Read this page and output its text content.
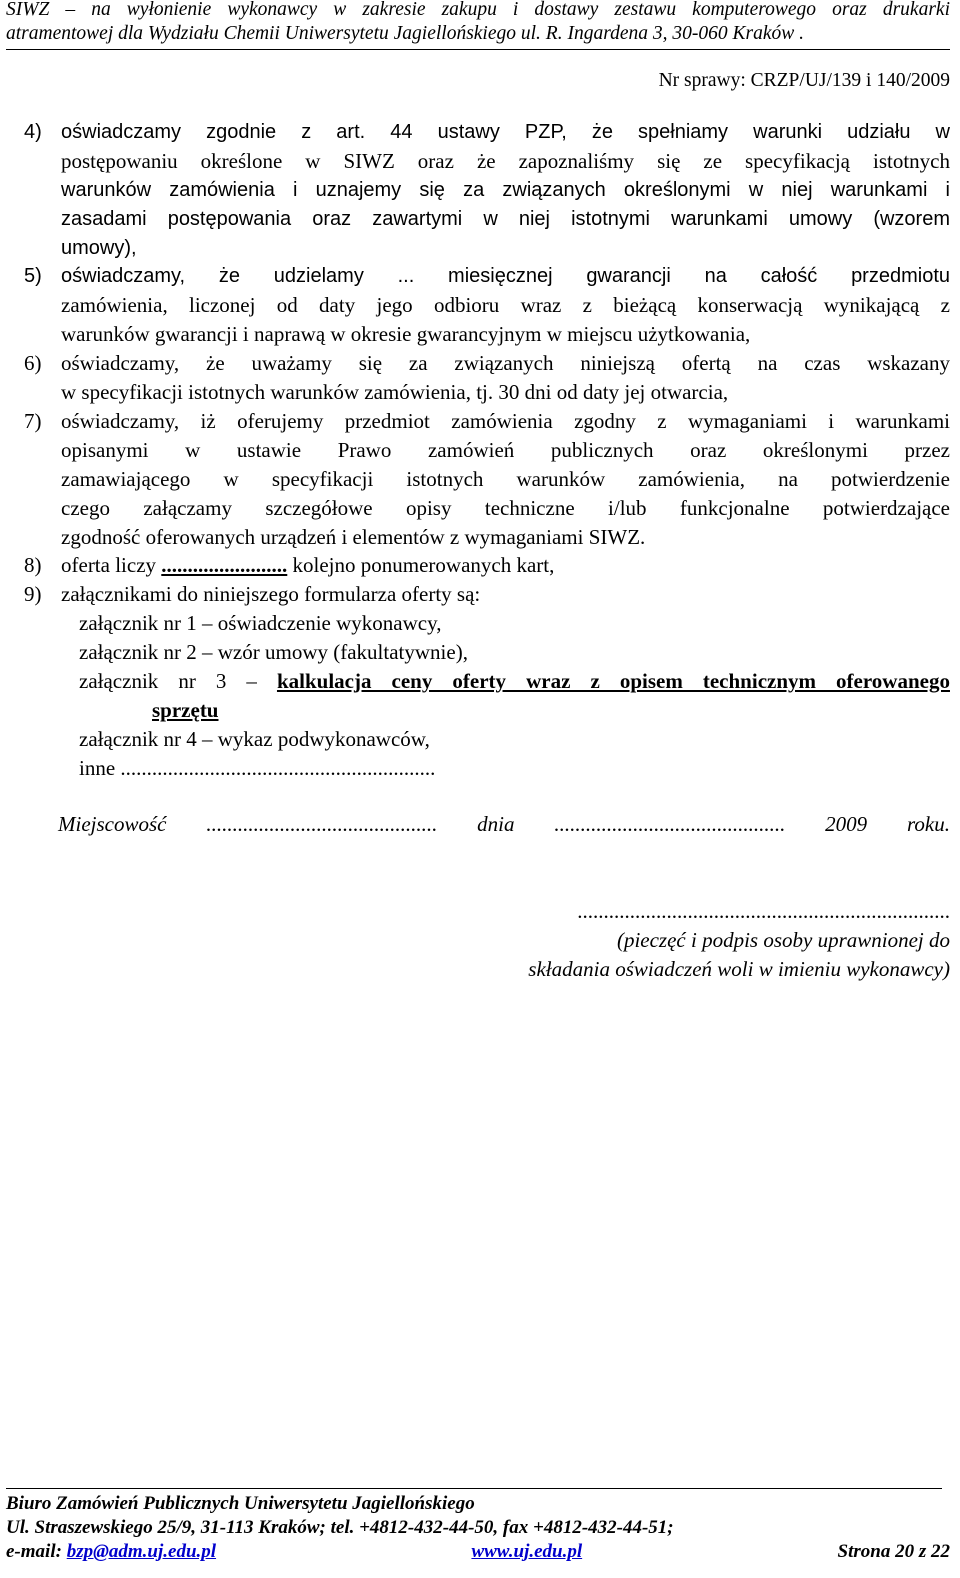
SIWZ – na wyłonienie wykonawcy w zakresie zakupu i dostawy zestawu komputerowego oraz drukarki
atramentowej dla Wydziału Chemii Uniwersytetu Jagiellońskiego ul. R. Ingardena 3, 30-060 Kraków .
Nr sprawy: CRZP/UJ/139 i 140/2009
4) oświadczamy zgodnie z art. 44 ustawy PZP, że spełniamy warunki udziału w
postępowaniu określone w SIWZ oraz że zapoznaliśmy się ze specyfikacją istotnych
warunków zamówienia i uznajemy się za związanych określonymi w niej warunkami i
zasadami postępowania oraz zawartymi w niej istotnymi warunkami umowy (wzorem
umowy),
5) oświadczamy, że udzielamy ... miesięcznej gwarancji na całość przedmiotu
zamówienia, liczonej od daty jego odbioru wraz z bieżącą konserwacją wynikającą z
warunków gwarancji i naprawą w okresie gwarancyjnym w miejscu użytkowania,
6) oświadczamy, że uważamy się za związanych niniejszą ofertą na czas wskazany
w specyfikacji istotnych warunków zamówienia, tj. 30 dni od daty jej otwarcia,
7) oświadczamy, iż oferujemy przedmiot zamówienia zgodny z wymaganiami i warunkami
opisanymi w ustawie Prawo zamówień publicznych oraz określonymi przez
zamawiającego w specyfikacji istotnych warunków zamówienia, na potwierdzenie
czego załączamy szczegółowe opisy techniczne i/lub funkcjonalne potwierdzające
zgodność oferowanych urządzeń i elementów z wymaganiami SIWZ.
8) oferta liczy ........................ kolejno ponumerowanych kart,
9) załącznikami do niniejszego formularza oferty są:
załącznik nr 1 – oświadczenie wykonawcy,
załącznik nr 2 – wzór umowy (fakultatywnie),
załącznik nr 3 – kalkulacja ceny oferty wraz z opisem technicznym oferowanego
sprzętu
załącznik nr 4 – wykaz podwykonawców,
inne ............................................................
Miejscowość ............................................ dnia ............................................ 2009 roku.
.......................................................................
(pieczęć i podpis osoby uprawnionej do
składania oświadczeń woli w imieniu wykonawcy)
Biuro Zamówień Publicznych Uniwersytetu Jagiellońskiego
Ul. Straszewskiego 25/9, 31-113 Kraków; tel. +4812-432-44-50, fax +4812-432-44-51;
e-mail: bzp@adm.uj.edu.pl	www.uj.edu.pl	Strona 20 z 22
